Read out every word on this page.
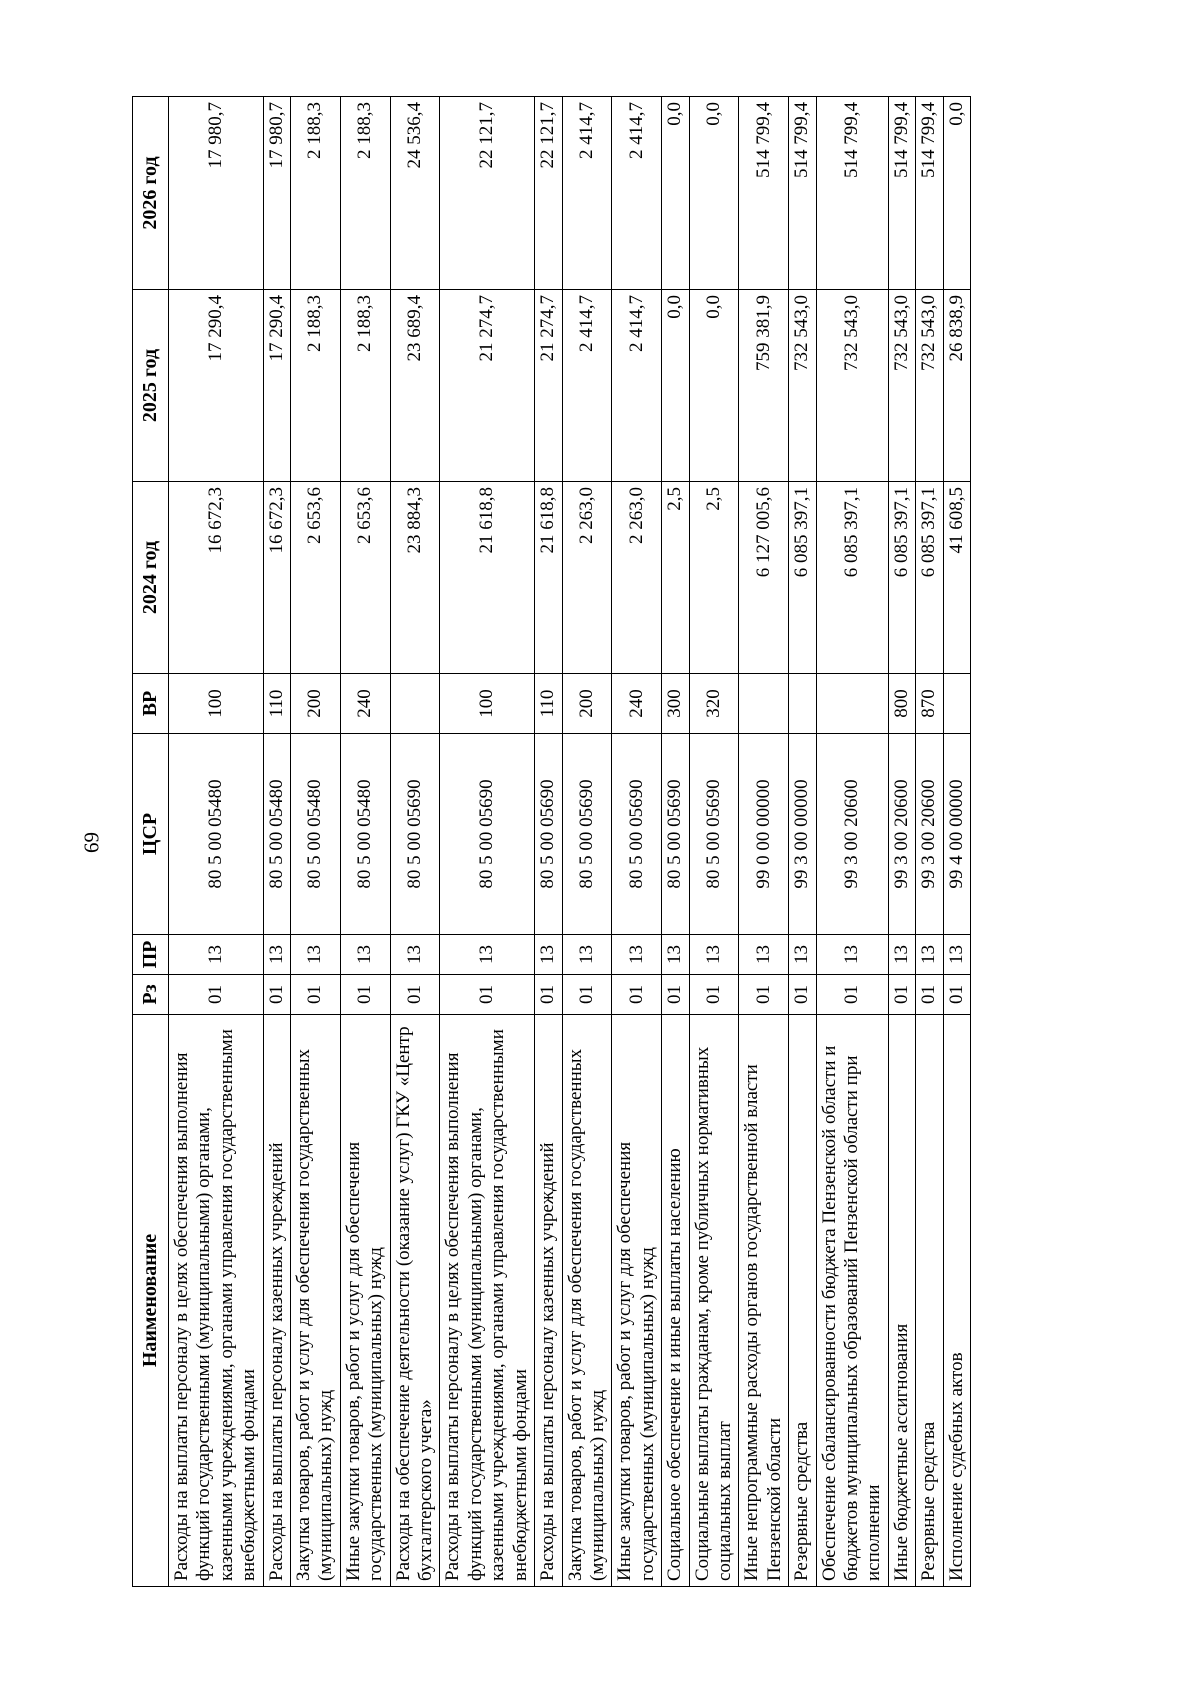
69
Наименование	Рз	ПР	ЦСР	ВР	2024 год	2025 год	2026 год
Расходы на выплаты персоналу в целях обеспечения выполнения функций государственными (муниципальными) органами, казенными учреждениями, органами управления государственными внебюджетными фондами	01	13	80 5 00 05480	100	16 672,3	17 290,4	17 980,7
Расходы на выплаты персоналу казенных учреждений	01	13	80 5 00 05480	110	16 672,3	17 290,4	17 980,7
Закупка товаров, работ и услуг для обеспечения государственных (муниципальных) нужд	01	13	80 5 00 05480	200	2 653,6	2 188,3	2 188,3
Иные закупки товаров, работ и услуг для обеспечения государственных (муниципальных) нужд	01	13	80 5 00 05480	240	2 653,6	2 188,3	2 188,3
Расходы на обеспечение деятельности (оказание услуг) ГКУ «Центр бухгалтерского учета»	01	13	80 5 00 05690		23 884,3	23 689,4	24 536,4
Расходы на выплаты персоналу в целях обеспечения выполнения функций государственными (муниципальными) органами, казенными учреждениями, органами управления государственными внебюджетными фондами	01	13	80 5 00 05690	100	21 618,8	21 274,7	22 121,7
Расходы на выплаты персоналу казенных учреждений	01	13	80 5 00 05690	110	21 618,8	21 274,7	22 121,7
Закупка товаров, работ и услуг для обеспечения государственных (муниципальных) нужд	01	13	80 5 00 05690	200	2 263,0	2 414,7	2 414,7
Иные закупки товаров, работ и услуг для обеспечения государственных (муниципальных) нужд	01	13	80 5 00 05690	240	2 263,0	2 414,7	2 414,7
Социальное обеспечение и иные выплаты населению	01	13	80 5 00 05690	300	2,5	0,0	0,0
Социальные выплаты гражданам, кроме публичных нормативных социальных выплат	01	13	80 5 00 05690	320	2,5	0,0	0,0
Иные непрограммные расходы органов государственной власти Пензенской области	01	13	99 0 00 00000		6 127 005,6	759 381,9	514 799,4
Резервные средства	01	13	99 3 00 00000		6 085 397,1	732 543,0	514 799,4
Обеспечение сбалансированности бюджета Пензенской области и бюджетов муниципальных образований Пензенской области при исполнении	01	13	99 3 00 20600		6 085 397,1	732 543,0	514 799,4
Иные бюджетные ассигнования	01	13	99 3 00 20600	800	6 085 397,1	732 543,0	514 799,4
Резервные средства	01	13	99 3 00 20600	870	6 085 397,1	732 543,0	514 799,4
Исполнение судебных актов	01	13	99 4 00 00000		41 608,5	26 838,9	0,0
